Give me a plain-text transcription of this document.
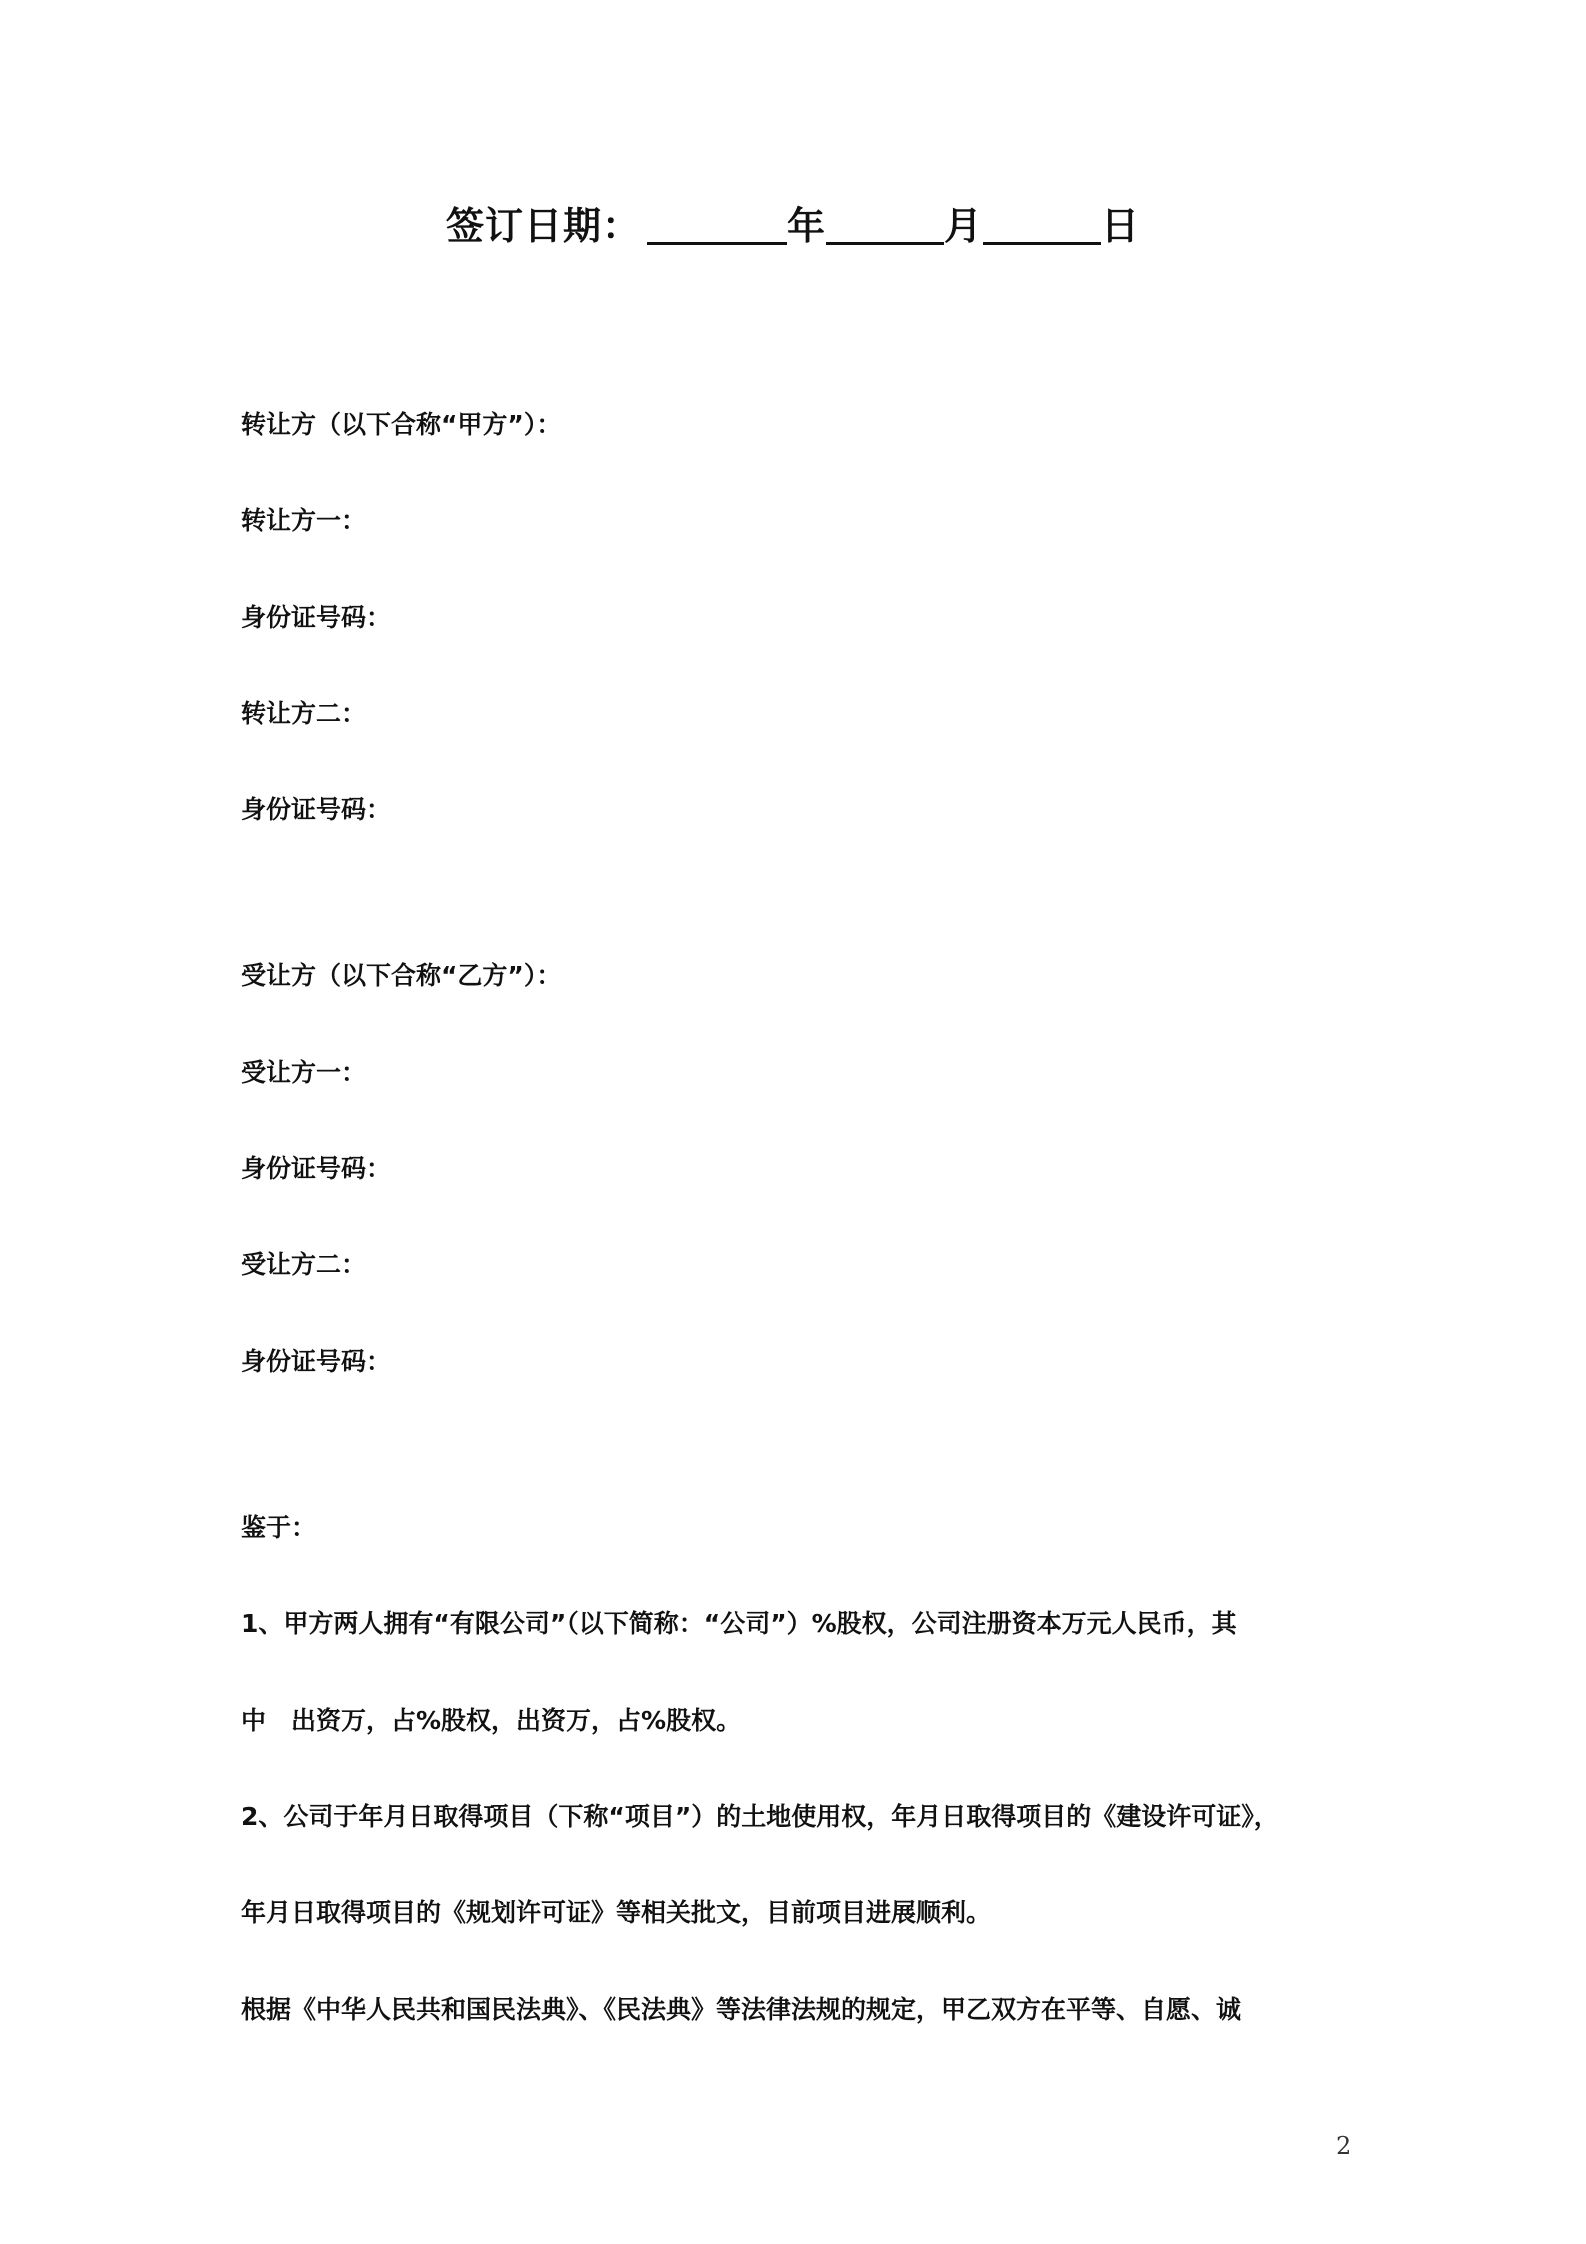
签订日期：	年	月	日
转让方（以下合称“甲方”）：
转让方一：
身份证号码：
转让方二：
身份证号码：
受让方（以下合称“乙方”）：
受让方一：
身份证号码：
受让方二：
身份证号码：
鉴于：
1、甲方两人拥有“有限公司”（以下简称：“公司”）%股权，公司注册资本万元人民币，其
中　出资万，占%股权，出资万，占%股权。
2、公司于年月日取得项目（下称“项目”）的土地使用权，年月日取得项目的《建设许可证》，
年月日取得项目的《规划许可证》等相关批文，目前项目进展顺利。
根据《中华人民共和国民法典》、《民法典》等法律法规的规定，甲乙双方在平等、自愿、诚
2
